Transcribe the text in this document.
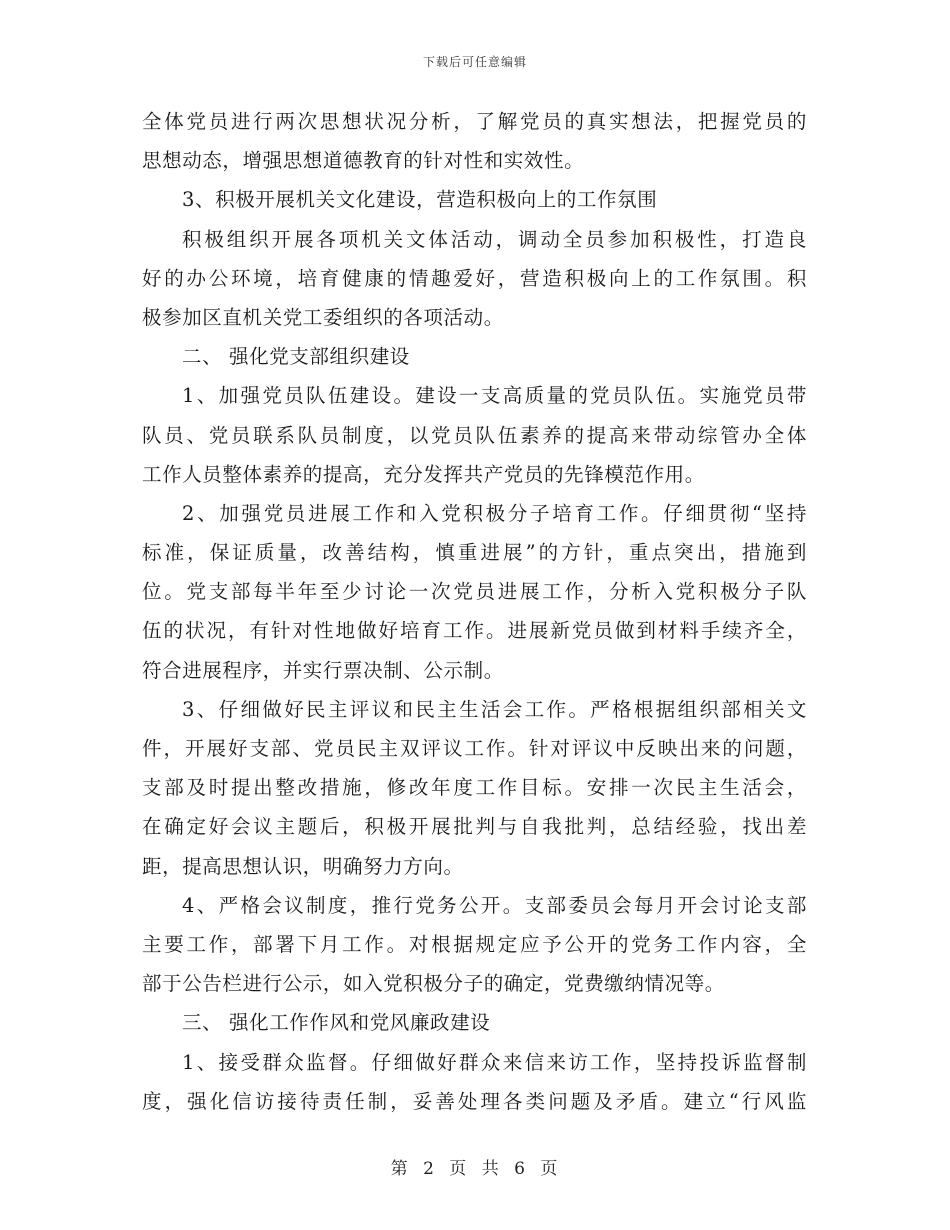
下载后可任意编辑
全体党员进行两次思想状况分析，了解党员的真实想法，把握党员的
思想动态，增强思想道德教育的针对性和实效性。
3、积极开展机关文化建设，营造积极向上的工作氛围
积极组织开展各项机关文体活动，调动全员参加积极性，打造良
好的办公环境，培育健康的情趣爱好，营造积极向上的工作氛围。积
极参加区直机关党工委组织的各项活动。
二、 强化党支部组织建设
1、加强党员队伍建设。建设一支高质量的党员队伍。实施党员带
队员、党员联系队员制度，以党员队伍素养的提高来带动综管办全体
工作人员整体素养的提高，充分发挥共产党员的先锋模范作用。
2、加强党员进展工作和入党积极分子培育工作。仔细贯彻“坚持
标准，保证质量，改善结构，慎重进展”的方针，重点突出，措施到
位。党支部每半年至少讨论一次党员进展工作，分析入党积极分子队
伍的状况，有针对性地做好培育工作。进展新党员做到材料手续齐全，
符合进展程序，并实行票决制、公示制。
3、仔细做好民主评议和民主生活会工作。严格根据组织部相关文
件，开展好支部、党员民主双评议工作。针对评议中反映出来的问题，
支部及时提出整改措施，修改年度工作目标。安排一次民主生活会，
在确定好会议主题后，积极开展批判与自我批判，总结经验，找出差
距，提高思想认识，明确努力方向。
4、严格会议制度，推行党务公开。支部委员会每月开会讨论支部
主要工作，部署下月工作。对根据规定应予公开的党务工作内容，全
部于公告栏进行公示，如入党积极分子的确定，党费缴纳情况等。
三、 强化工作作风和党风廉政建设
1、接受群众监督。仔细做好群众来信来访工作，坚持投诉监督制
度，强化信访接待责任制，妥善处理各类问题及矛盾。建立“行风监
第 2 页 共 6 页
